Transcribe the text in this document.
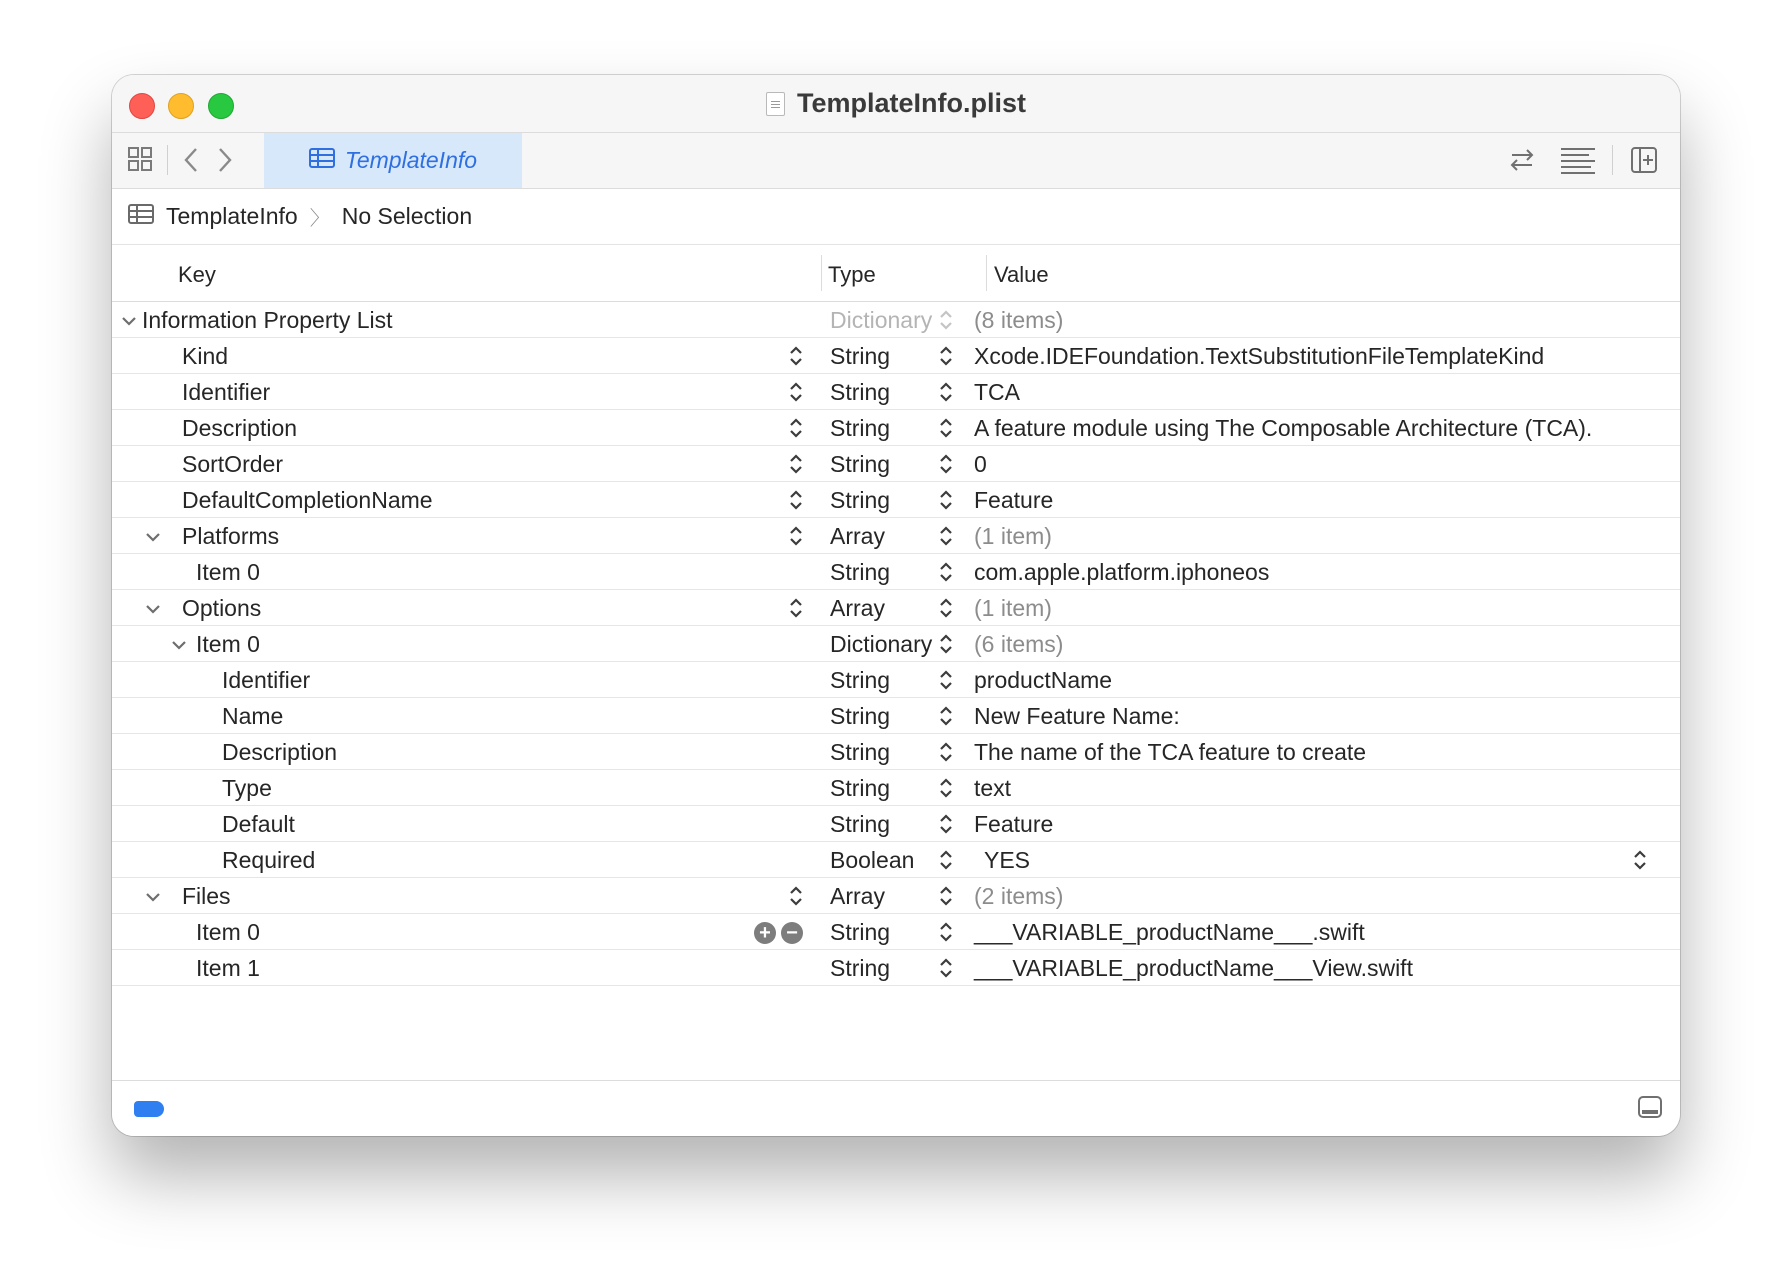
TemplateInfo.plist
TemplateInfo
TemplateInfo 〉 No Selection
Key	Type	Value
Information Property List	Dictionary (8 items)
Kind	String	Xcode.IDEFoundation.TextSubstitutionFileTemplateKind
Identifier	String	TCA
Description	String	A feature module using The Composable Architecture (TCA).
SortOrder	String	0
DefaultCompletionName	String	Feature
Platforms	Array	(1 item)
Item 0	String	com.apple.platform.iphoneos
Options	Array	(1 item)
Item 0	Dictionary (6 items)
Identifier	String	productName
Name	String	New Feature Name:
Description	String	The name of the TCA feature to create
Type	String	text
Default	String	Feature
Required	Boolean	YES
Files	Array	(2 items)
Item 0	+ − String	___VARIABLE_productName___.swift
Item 1	String	___VARIABLE_productName___View.swift
